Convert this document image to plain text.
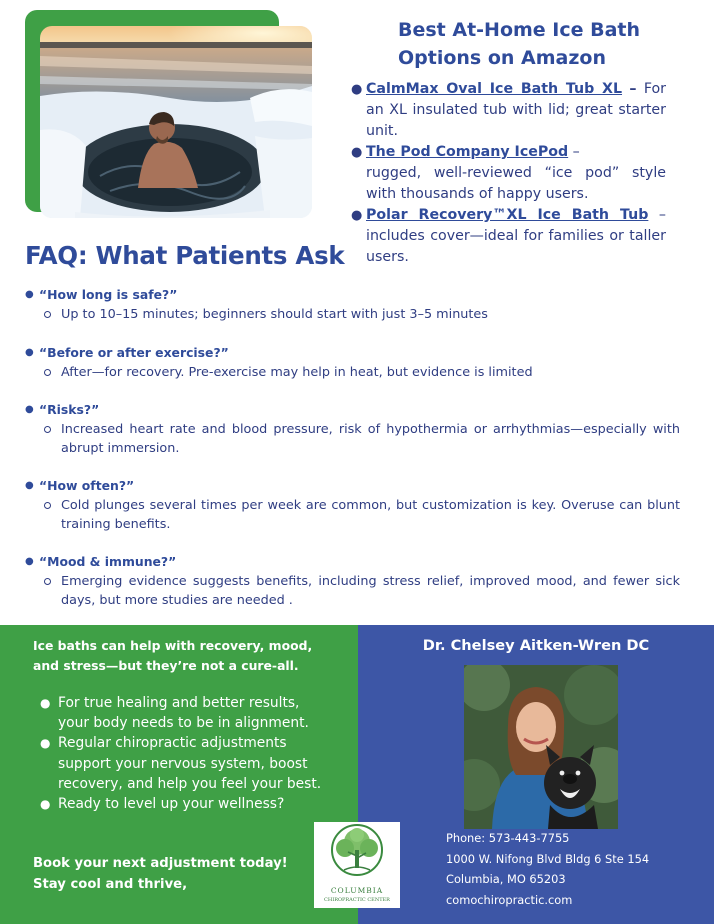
Best At-Home Ice Bath Options on Amazon
● CalmMax Oval Ice Bath Tub XL – For an XL insulated tub with lid; great starter unit.
● The Pod Company IcePod –
rugged, well-reviewed “ice pod” style with thousands of happy users.
● Polar Recovery™XL Ice Bath Tub – includes cover—ideal for families or taller users.
FAQ: What Patients Ask
● “How long is safe?”
Up to 10–15 minutes; beginners should start with just 3–5 minutes
● “Before or after exercise?”
After—for recovery. Pre-exercise may help in heat, but evidence is limited
● “Risks?”
Increased heart rate and blood pressure, risk of hypothermia or arrhythmias—especially with abrupt immersion.
● “How often?”
Cold plunges several times per week are common, but customization is key. Overuse can blunt training benefits.
● “Mood & immune?”
Emerging evidence suggests benefits, including stress relief, improved mood, and fewer sick days, but more studies are needed .
Ice baths can help with recovery, mood, and stress—but they’re not a cure-all.
● For true healing and better results, your body needs to be in alignment.
● Regular chiropractic adjustments support your nervous system, boost recovery, and help you feel your best.
● Ready to level up your wellness?
Book your next adjustment today!
Stay cool and thrive,
Dr. Chelsey Aitken-Wren DC
Phone: 573-443-7755
1000 W. Nifong Blvd Bldg 6 Ste 154
Columbia, MO 65203
comochiropractic.com
COLUMBIA
CHIROPRACTIC CENTER
